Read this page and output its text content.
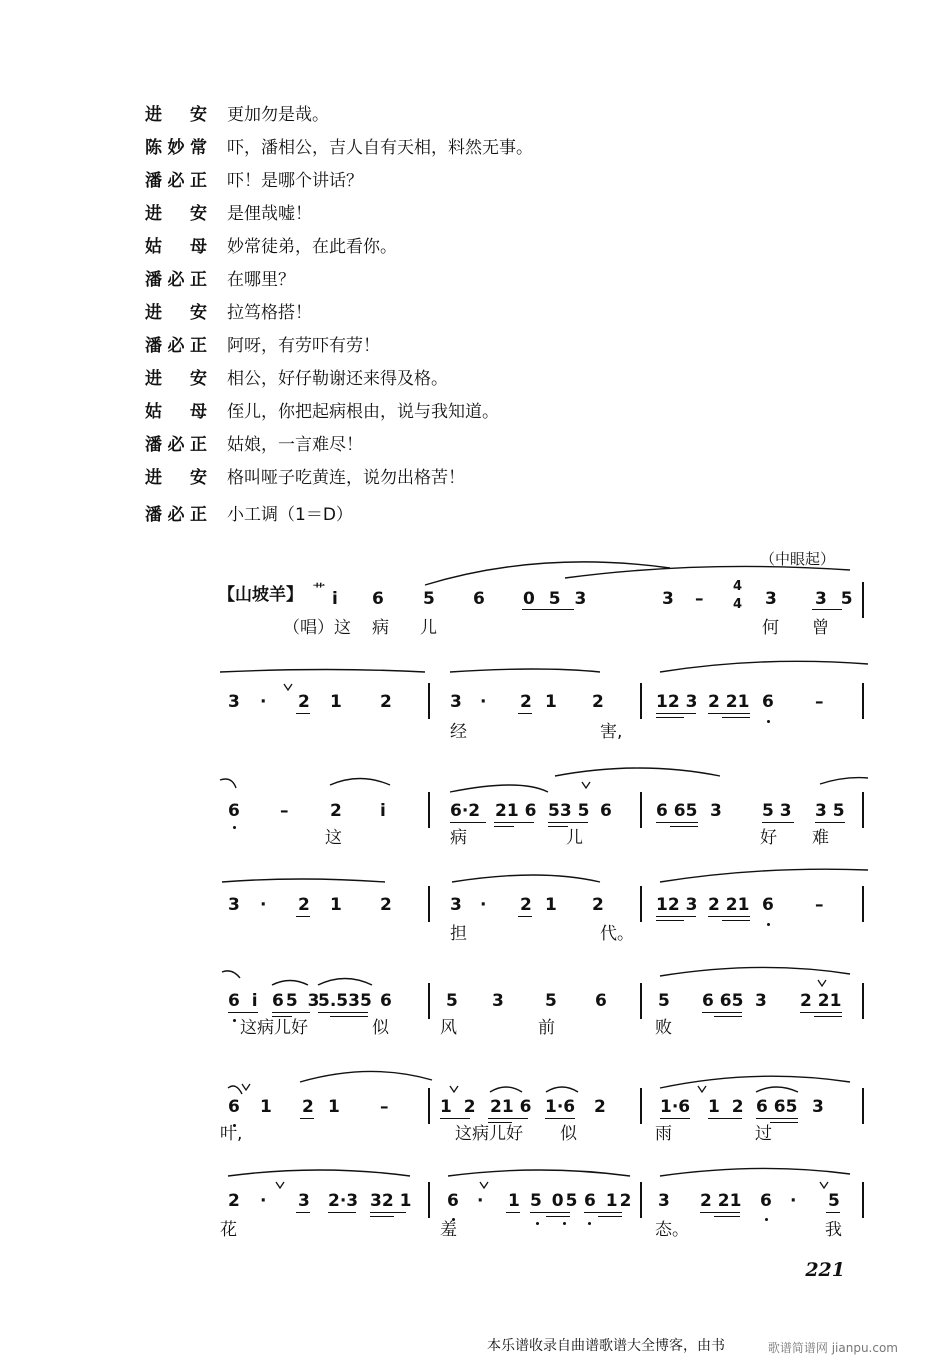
进 安 更加勿是哉。
陈妙常 吓，潘相公，吉人自有天相，料然无事。
潘必正 吓！是哪个讲话？
进 安 是俚哉嘘！
姑 母 妙常徒弟，在此看你。
潘必正 在哪里？
进 安 拉笃格搭！
潘必正 阿呀，有劳吓有劳！
进 安 相公，好仔勒谢还来得及格。
姑 母 侄儿，你把起病根由，说与我知道。
潘必正 姑娘，一言难尽！
进 安 格叫哑子吃黄连，说勿出格苦！
潘必正 小工调（1＝D）
（中眼起）
【山坡羊】 艹 i 6 5 6 0 5 3	3 –
4
4 3 3 5
（唱）这 病 儿	何 曾
3 · 2 1 2	3 · 2 1 2	12 3 2 21 6 –
经	害,
6 – 2 i	6·2 21 6 53 5 6	6 65 3 5 3 3 5
这	病	儿	好 难
3 · 2 1 2	3 · 2 1 2	12 3 2 21 6 –
担	代。
6 i 65 3
5.535 6	5 3 5 6	5 6 65 3 2 21
这病儿好	似	风	前	败
6 1 2 1 –	1 2 21 6 1·6 2	1·6 1 2 6 65 3
叶,	这病儿好 似	雨	过
2 · 3 2·3 32 1 6 · 1 5 05 6 12 3 2 21 6 · 5
花	羞	态。	我
221
本乐谱收录自曲谱歌谱大全博客，由书	歌谱简谱网 jianpu.com
